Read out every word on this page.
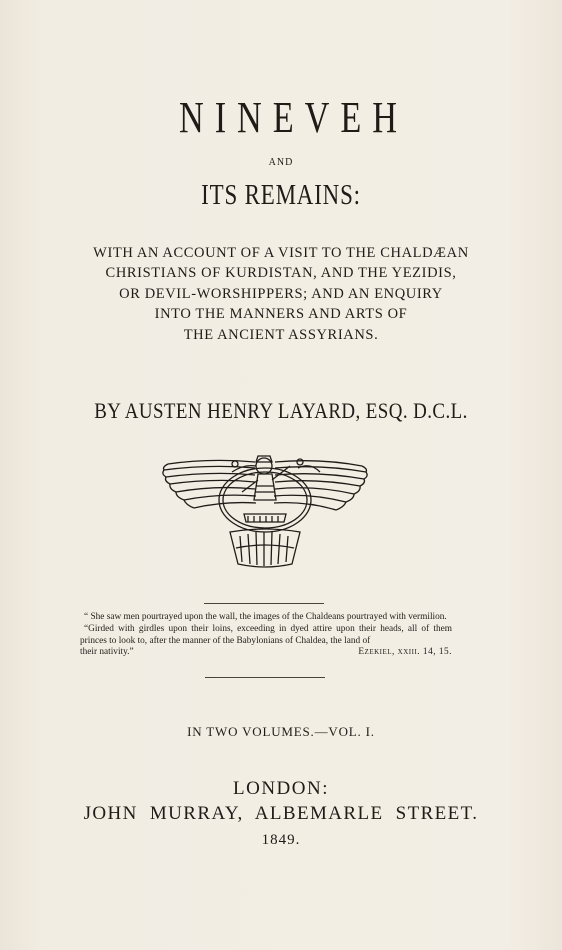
NINEVEH
AND
ITS REMAINS:
WITH AN ACCOUNT OF A VISIT TO THE CHALDÆAN
CHRISTIANS OF KURDISTAN, AND THE YEZIDIS,
OR DEVIL-WORSHIPPERS; AND AN ENQUIRY
INTO THE MANNERS AND ARTS OF
THE ANCIENT ASSYRIANS.
BY AUSTEN HENRY LAYARD, ESQ. D.C.L.

“ She saw men pourtrayed upon the wall, the images of the Chaldeans pourtrayed with vermilion.

“Girded with girdles upon their loins, exceeding in dyed attire upon their heads, all of them princes to look to, after the manner of the Babylonians of Chaldea, the land of

their nativity.”	Ezekiel, xxiii. 14, 15.
IN TWO VOLUMES.—VOL. I.
LONDON:
JOHN MURRAY, ALBEMARLE STREET.
1849.
